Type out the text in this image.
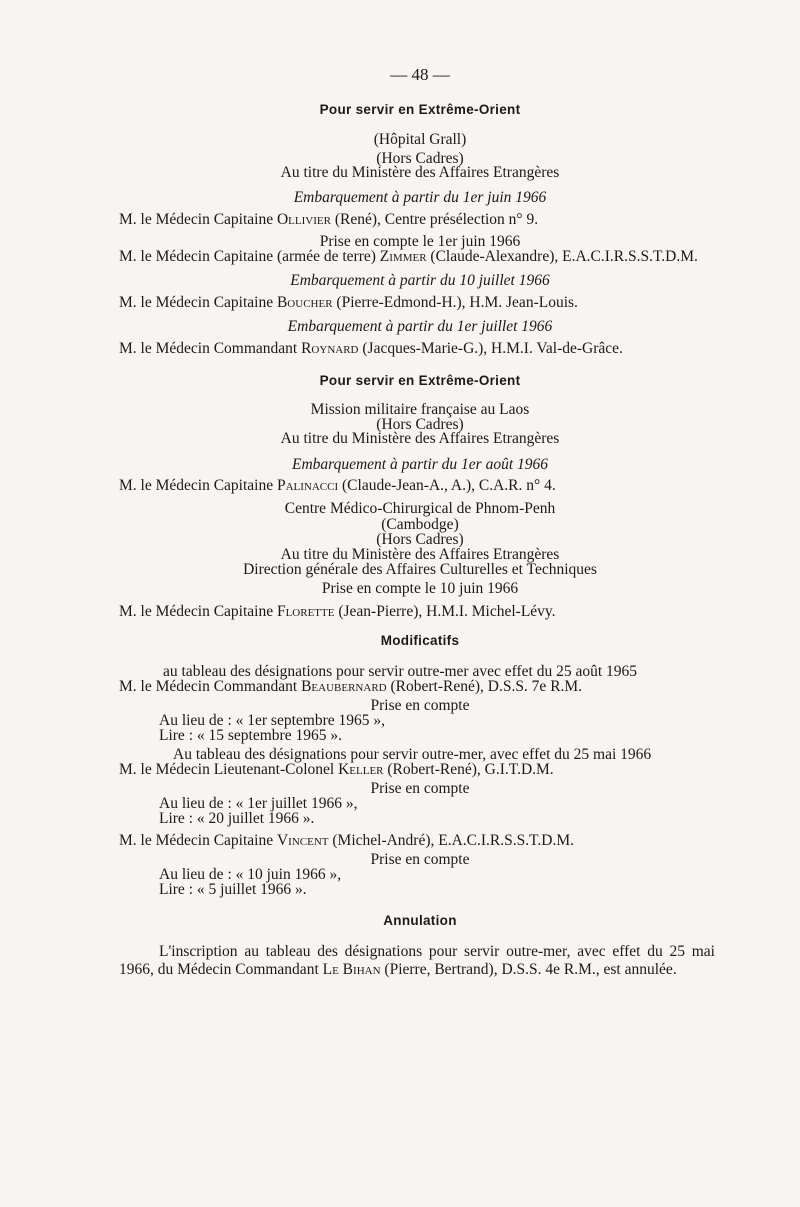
— 48 —
Pour servir en Extrême-Orient
(Hôpital Grall)
(Hors Cadres)
Au titre du Ministère des Affaires Etrangères
Embarquement à partir du 1er juin 1966
M. le Médecin Capitaine Ollivier (René), Centre présélection n° 9.
Prise en compte le 1er juin 1966
M. le Médecin Capitaine (armée de terre) Zimmer (Claude-Alexandre), E.A.C.I.R.S.S.T.D.M.
Embarquement à partir du 10 juillet 1966
M. le Médecin Capitaine Boucher (Pierre-Edmond-H.), H.M. Jean-Louis.
Embarquement à partir du 1er juillet 1966
M. le Médecin Commandant Roynard (Jacques-Marie-G.), H.M.I. Val-de-Grâce.
Pour servir en Extrême-Orient
Mission militaire française au Laos
(Hors Cadres)
Au titre du Ministère des Affaires Etrangères
Embarquement à partir du 1er août 1966
M. le Médecin Capitaine Palinacci (Claude-Jean-A., A.), C.A.R. n° 4.
Centre Médico-Chirurgical de Phnom-Penh
(Cambodge)
(Hors Cadres)
Au titre du Ministère des Affaires Etrangères
Direction générale des Affaires Culturelles et Techniques
Prise en compte le 10 juin 1966
M. le Médecin Capitaine Florette (Jean-Pierre), H.M.I. Michel-Lévy.
Modificatifs
au tableau des désignations pour servir outre-mer avec effet du 25 août 1965
M. le Médecin Commandant Beaubernard (Robert-René), D.S.S. 7e R.M.
Prise en compte
Au lieu de : « 1er septembre 1965 »,
Lire : « 15 septembre 1965 ».
Au tableau des désignations pour servir outre-mer, avec effet du 25 mai 1966
M. le Médecin Lieutenant-Colonel Keller (Robert-René), G.I.T.D.M.
Prise en compte
Au lieu de : « 1er juillet 1966 »,
Lire : « 20 juillet 1966 ».
M. le Médecin Capitaine Vincent (Michel-André), E.A.C.I.R.S.S.T.D.M.
Prise en compte
Au lieu de : « 10 juin 1966 »,
Lire : « 5 juillet 1966 ».
Annulation
L'inscription au tableau des désignations pour servir outre-mer, avec effet du 25 mai 1966, du Médecin Commandant Le Bihan (Pierre, Bertrand), D.S.S. 4e R.M., est annulée.
